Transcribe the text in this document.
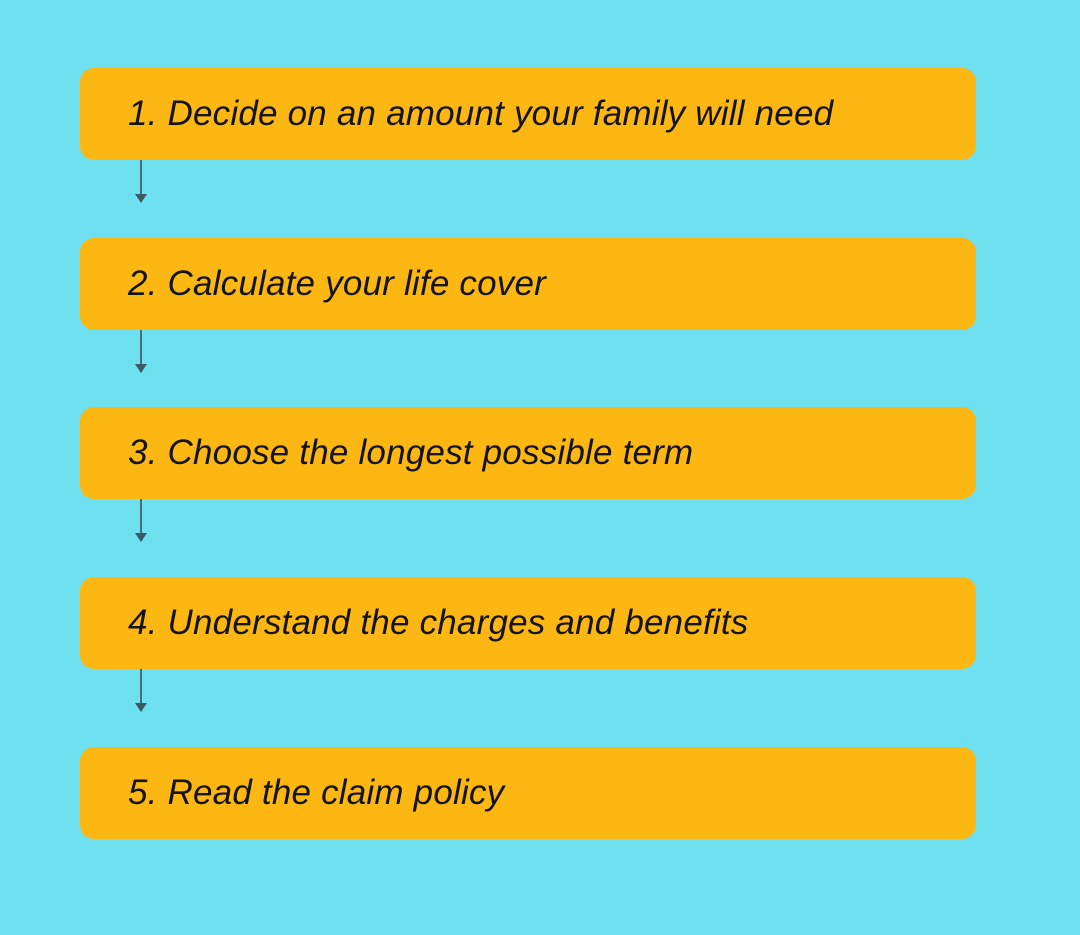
1. Decide on an amount your family will need
2. Calculate your life cover
3. Choose the longest possible term
4. Understand the charges and benefits
5. Read the claim policy
